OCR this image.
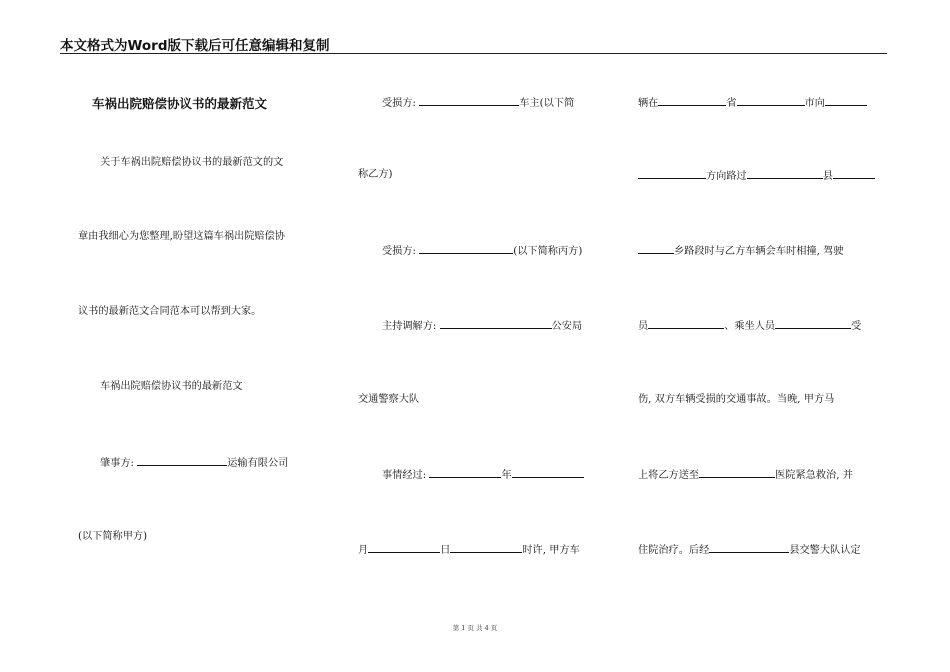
本文格式为Word版下载后可任意编辑和复制
车祸出院赔偿协议书的最新范文
关于车祸出院赔偿协议书的最新范文的文
章由我细心为您整理,盼望这篇车祸出院赔偿协
议书的最新范文合同范本可以帮到大家。
车祸出院赔偿协议书的最新范文
肇事方:	运输有限公司
(以下简称甲方)
受损方:	车主(以下简
称乙方)
受损方:	(以下简称丙方)
主持调解方:	公安局
交通警察大队
事情经过:	年
月	日	时许, 甲方车
辆在	省	市向
方向路过	县
乡路段时与乙方车辆会车时相撞, 驾驶
员	、乘坐人员	受
伤, 双方车辆受损的交通事故。当晚, 甲方马
上将乙方送至	医院紧急救治, 并
住院治疗。后经	县交警大队认定
第 1 页 共 4 页
